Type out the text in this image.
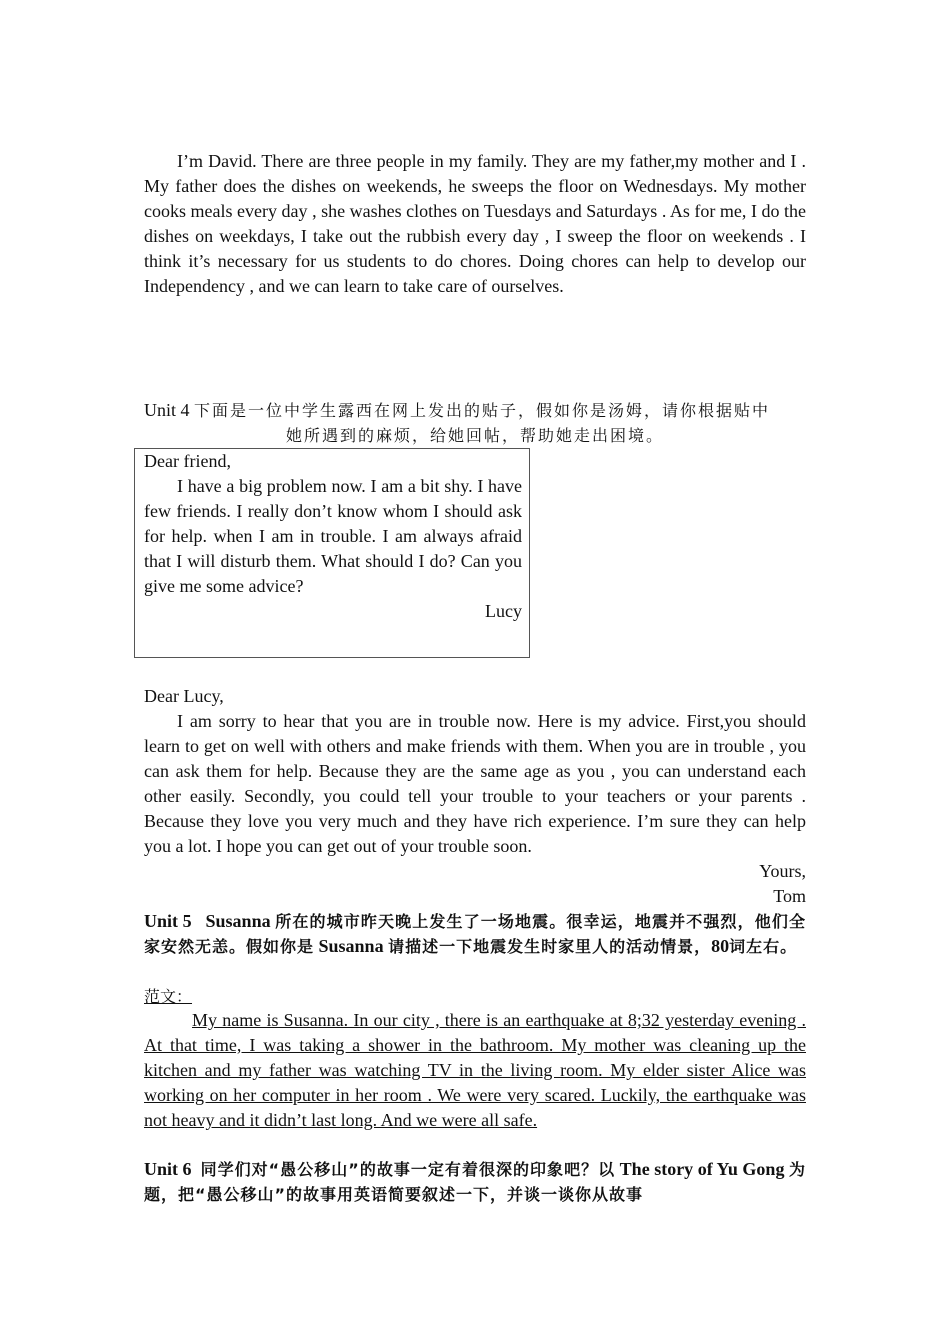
I’m David. There are three people in my family. They are my father,my mother and I . My father does the dishes on weekends, he sweeps the floor on Wednesdays. My mother cooks meals every day , she washes clothes on Tuesdays and Saturdays . As for me, I do the dishes on weekdays, I take out the rubbish every day , I sweep the floor on weekends . I think it’s necessary for us students to do chores. Doing chores can help to develop our Independency , and we can learn to take care of ourselves.
Unit 4 下面是一位中学生露西在网上发出的贴子，假如你是汤姆，请你根据贴中
她所遇到的麻烦，给她回帖，帮助她走出困境。
Dear friend,
I have a big problem now. I am a bit shy. I have few friends. I really don’t know whom I should ask for help. when I am in trouble. I am always afraid that I will disturb them. What should I do? Can you give me some advice?
Lucy
Dear Lucy,
I am sorry to hear that you are in trouble now. Here is my advice. First,you should learn to get on well with others and make friends with them. When you are in trouble , you can ask them for help. Because they are the same age as you , you can understand each other easily. Secondly, you could tell your trouble to your teachers or your parents . Because they love you very much and they have rich experience. I’m sure they can help you a lot. I hope you can get out of your trouble soon.
Yours,
Tom
Unit 5 Susanna 所在的城市昨天晚上发生了一场地震。很幸运，地震并不强烈，他们全家安然无恙。假如你是 Susanna 请描述一下地震发生时家里人的活动情景，80词左右。
范文：
My name is Susanna. In our city , there is an earthquake at 8;32 yesterday evening . At that time, I was taking a shower in the bathroom. My mother was cleaning up the kitchen and my father was watching TV in the living room. My elder sister Alice was working on her computer in her room . We were very scared. Luckily, the earthquake was not heavy and it didn’t last long. And we were all safe.
Unit 6 同学们对“愚公移山”的故事一定有着很深的印象吧？以 The story of Yu Gong 为题，把“愚公移山”的故事用英语简要叙述一下，并谈一谈你从故事
